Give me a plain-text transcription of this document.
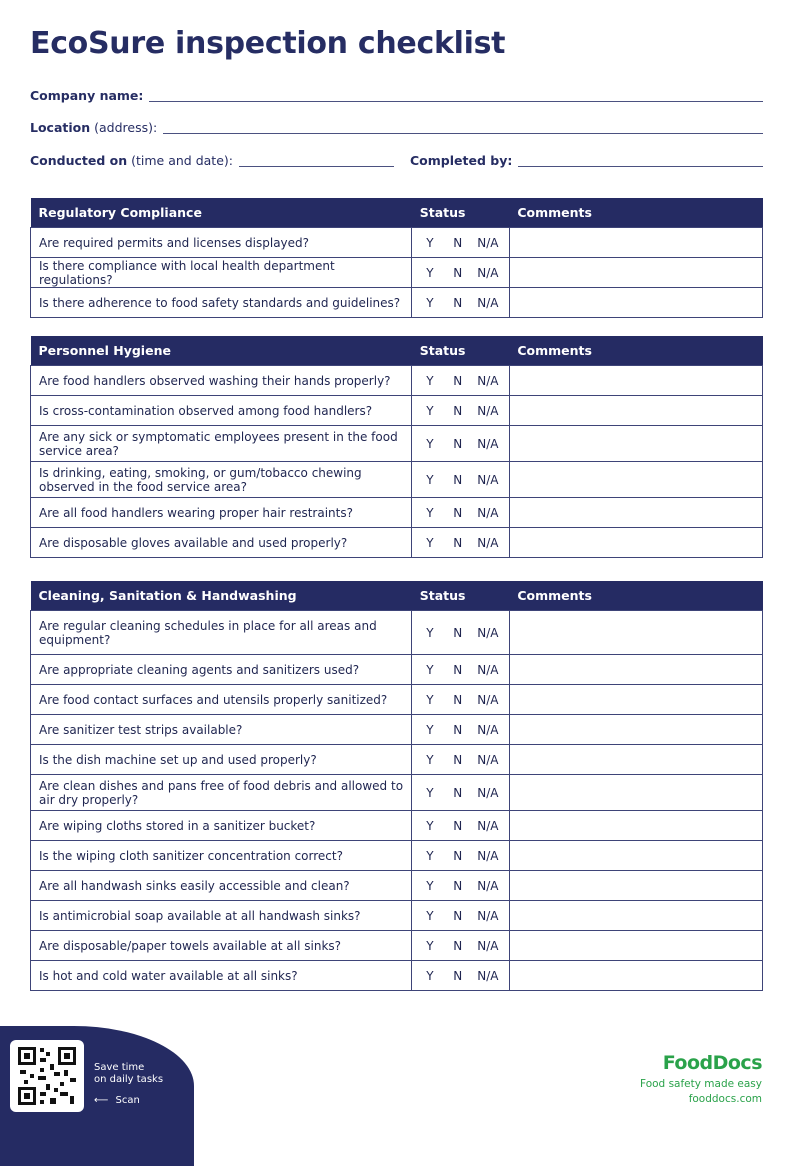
EcoSure inspection checklist
Company name:
Location (address):
Conducted on (time and date):	Completed by:
Regulatory Compliance	Status	Comments
Are required permits and licenses displayed?	Y N N/A	

Is there compliance with local health department regulations?	Y N N/A	

Is there adherence to food safety standards and guidelines?	Y N N/A	

Personnel Hygiene	Status	Comments
Are food handlers observed washing their hands properly?	Y N N/A	

Is cross-contamination observed among food handlers?	Y N N/A	

Are any sick or symptomatic employees present in the food service area?	Y N N/A	

Is drinking, eating, smoking, or gum/tobacco chewing observed in the food service area?	Y N N/A	

Are all food handlers wearing proper hair restraints?	Y N N/A	

Are disposable gloves available and used properly?	Y N N/A	

Cleaning, Sanitation & Handwashing	Status	Comments
Are regular cleaning schedules in place for all areas and equipment?	Y N N/A	

Are appropriate cleaning agents and sanitizers used?	Y N N/A	

Are food contact surfaces and utensils properly sanitized?	Y N N/A	

Are sanitizer test strips available?	Y N N/A	

Is the dish machine set up and used properly?	Y N N/A	

Are clean dishes and pans free of food debris and allowed to air dry properly?	Y N N/A	

Are wiping cloths stored in a sanitizer bucket?	Y N N/A	

Is the wiping cloth sanitizer concentration correct?	Y N N/A	

Are all handwash sinks easily accessible and clean?	Y N N/A	

Is antimicrobial soap available at all handwash sinks?	Y N N/A	

Are disposable/paper towels available at all sinks?	Y N N/A	

Is hot and cold water available at all sinks?	Y N N/A	

Save time
on daily tasks
⟵ Scan
FoodDocs
Food safety made easy
fooddocs.com
